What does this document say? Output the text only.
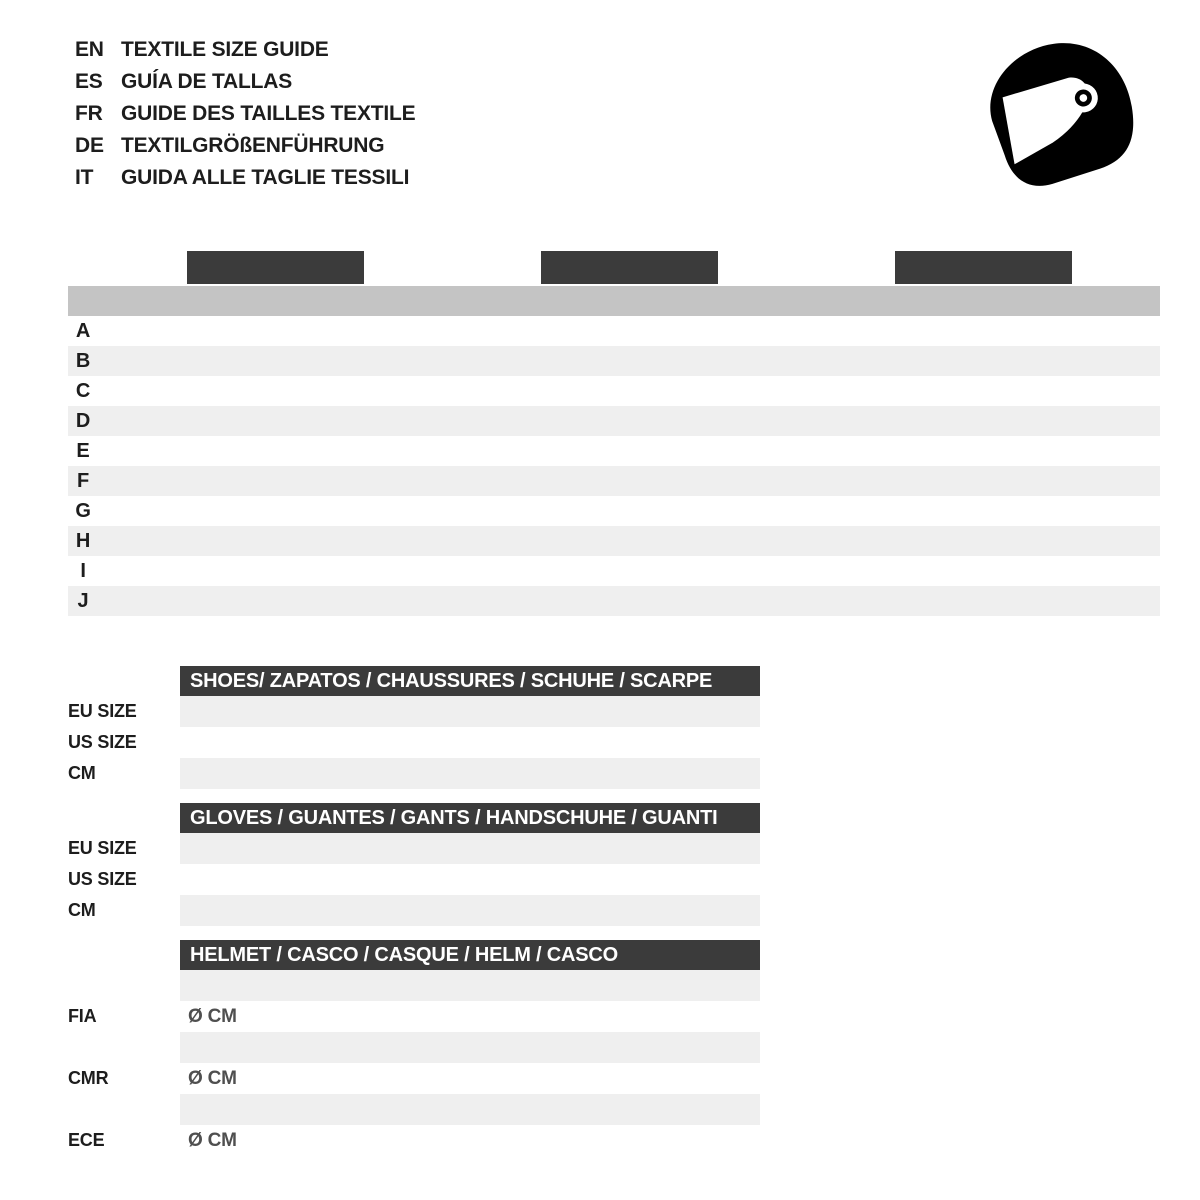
EN TEXTILE SIZE GUIDE
ES GUÍA DE TALLAS
FR GUIDE DES TAILLES TEXTILE
DE TEXTILGRÖßENFÜHRUNG
IT	GUIDA ALLE TAGLIE TESSILI
A
B
C
D
E
F
G
H
I
J
SHOES/ ZAPATOS / CHAUSSURES / SCHUHE / SCARPE
EU SIZE
US SIZE
CM
GLOVES / GUANTES / GANTS / HANDSCHUHE / GUANTI
EU SIZE
US SIZE
CM
HELMET / CASCO / CASQUE / HELM / CASCO
FIA	Ø CM
CMR	Ø CM
ECE	Ø CM
